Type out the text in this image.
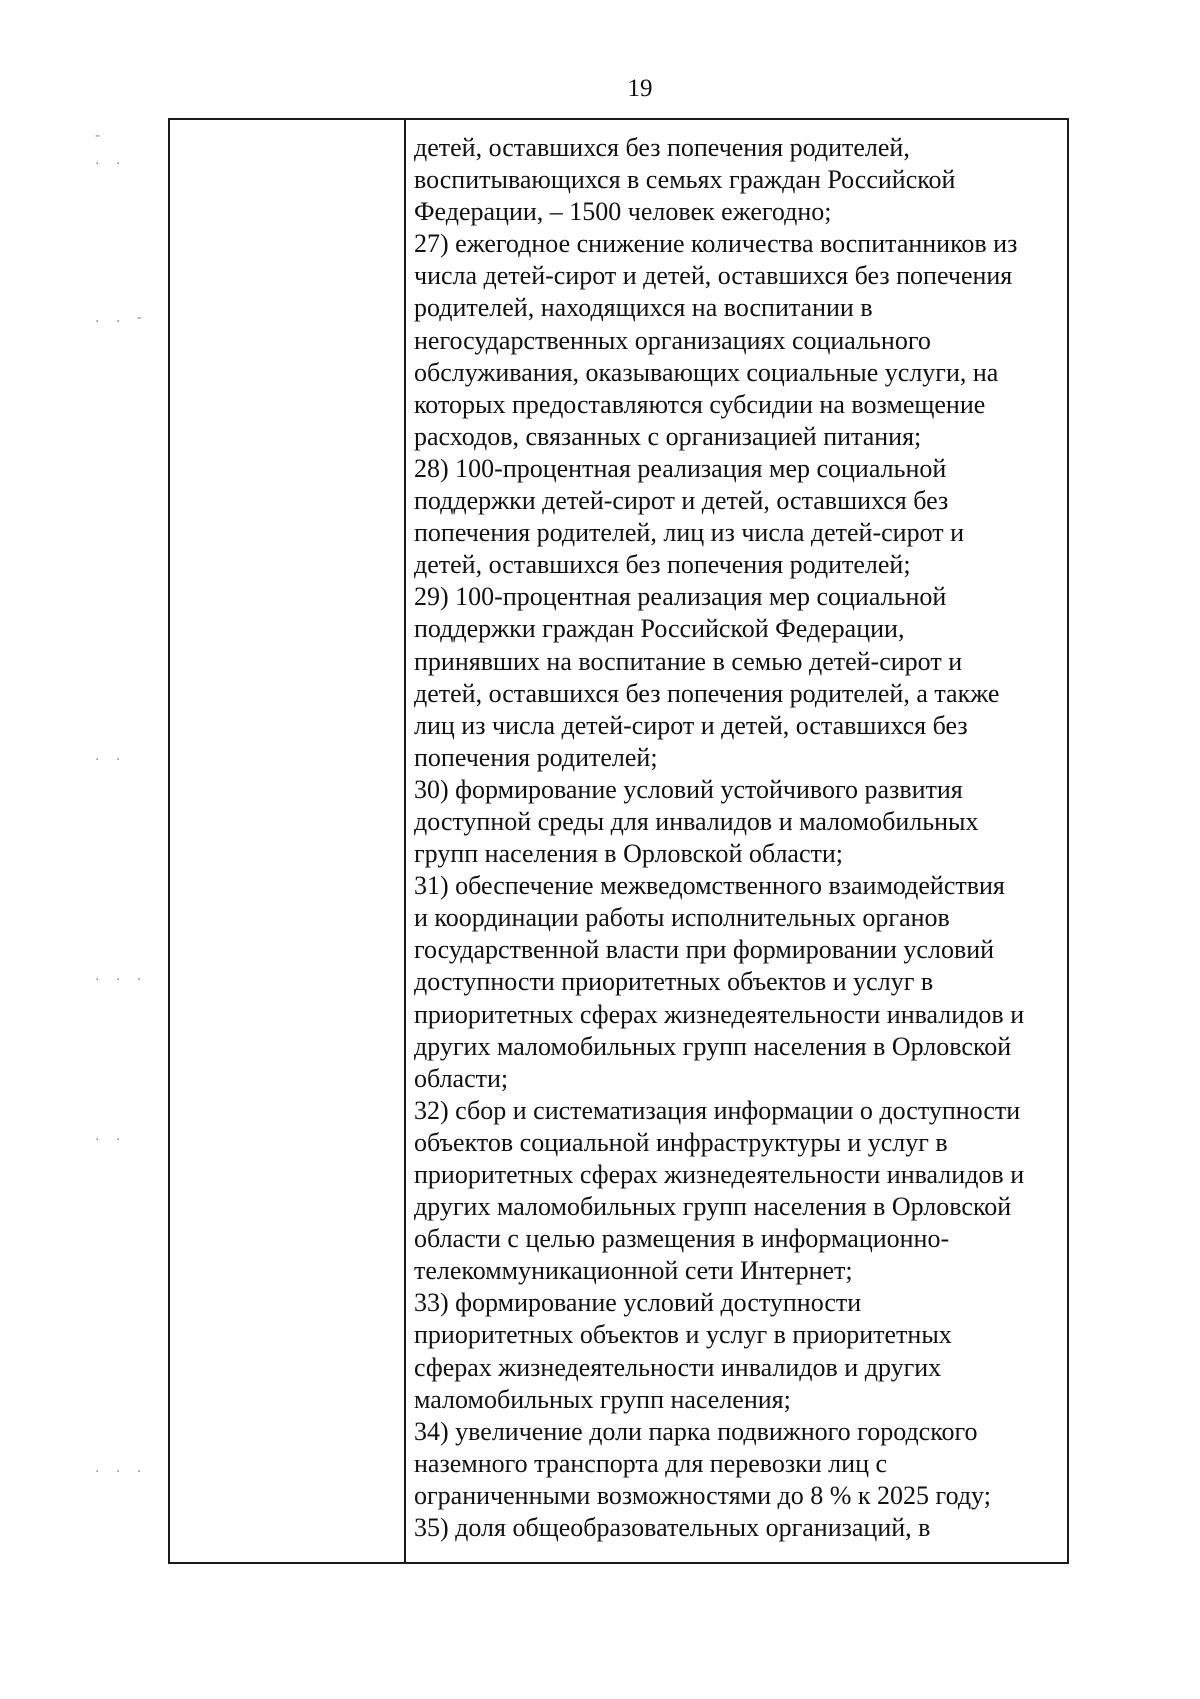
-
. .
. . -
. .
. . .
. .
. . .
19
детей, оставшихся без попечения родителей,
воспитывающихся в семьях граждан Российской
Федерации, – 1500 человек ежегодно;
27) ежегодное снижение количества воспитанников из
числа детей-сирот и детей, оставшихся без попечения
родителей, находящихся на воспитании в
негосударственных организациях социального
обслуживания, оказывающих социальные услуги, на
которых предоставляются субсидии на возмещение
расходов, связанных с организацией питания;
28) 100-процентная реализация мер социальной
поддержки детей-сирот и детей, оставшихся без
попечения родителей, лиц из числа детей-сирот и
детей, оставшихся без попечения родителей;
29) 100-процентная реализация мер социальной
поддержки граждан Российской Федерации,
принявших на воспитание в семью детей-сирот и
детей, оставшихся без попечения родителей, а также
лиц из числа детей-сирот и детей, оставшихся без
попечения родителей;
30) формирование условий устойчивого развития
доступной среды для инвалидов и маломобильных
групп населения в Орловской области;
31) обеспечение межведомственного взаимодействия
и координации работы исполнительных органов
государственной власти при формировании условий
доступности приоритетных объектов и услуг в
приоритетных сферах жизнедеятельности инвалидов и
других маломобильных групп населения в Орловской
области;
32) сбор и систематизация информации о доступности
объектов социальной инфраструктуры и услуг в
приоритетных сферах жизнедеятельности инвалидов и
других маломобильных групп населения в Орловской
области с целью размещения в информационно-
телекоммуникационной сети Интернет;
33) формирование условий доступности
приоритетных объектов и услуг в приоритетных
сферах жизнедеятельности инвалидов и других
маломобильных групп населения;
34) увеличение доли парка подвижного городского
наземного транспорта для перевозки лиц с
ограниченными возможностями до 8 % к 2025 году;
35) доля общеобразовательных организаций, в
